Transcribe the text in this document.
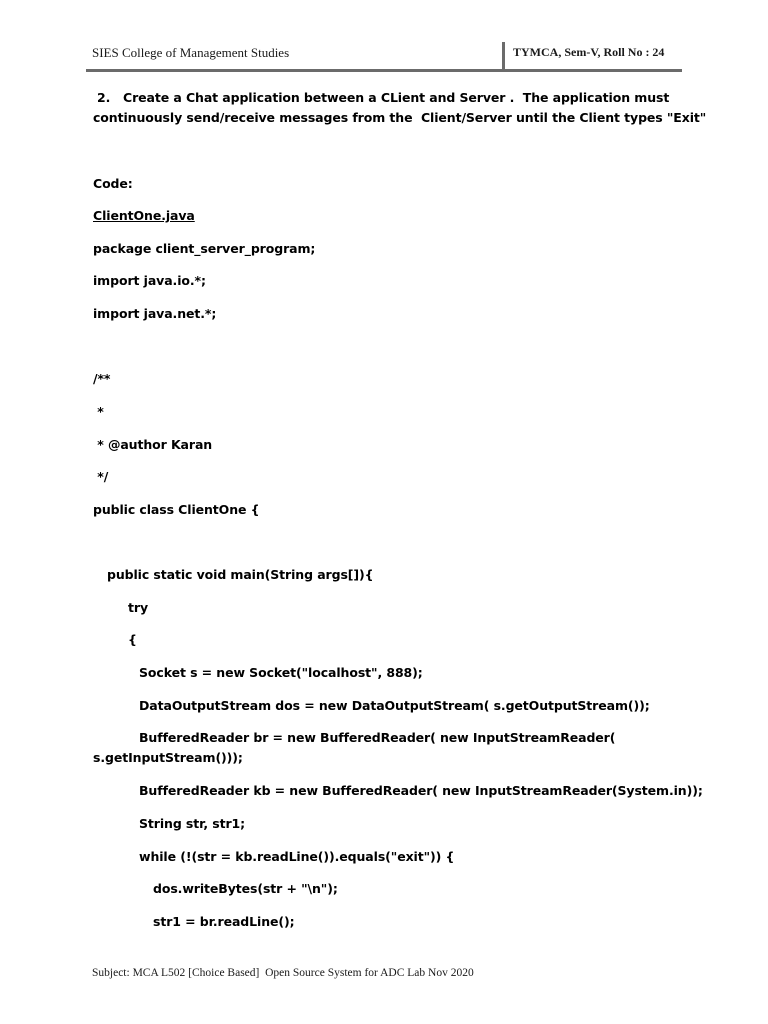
SIES College of Management Studies	TYMCA, Sem-V, Roll No : 24
2.   Create a Chat application between a CLient and Server .  The application must
continuously send/receive messages from the  Client/Server until the Client types "Exit"
Code:
ClientOne.java
package client_server_program;
import java.io.*;
import java.net.*;
/**
*
* @author Karan
*/
public class ClientOne {
public static void main(String args[]){
try
{
Socket s = new Socket("localhost", 888);
DataOutputStream dos = new DataOutputStream( s.getOutputStream());
BufferedReader br = new BufferedReader( new InputStreamReader(
s.getInputStream()));
BufferedReader kb = new BufferedReader( new InputStreamReader(System.in));
String str, str1;
while (!(str = kb.readLine()).equals("exit")) {
dos.writeBytes(str + "\n");
str1 = br.readLine();
Subject: MCA L502 [Choice Based]  Open Source System for ADC Lab Nov 2020
